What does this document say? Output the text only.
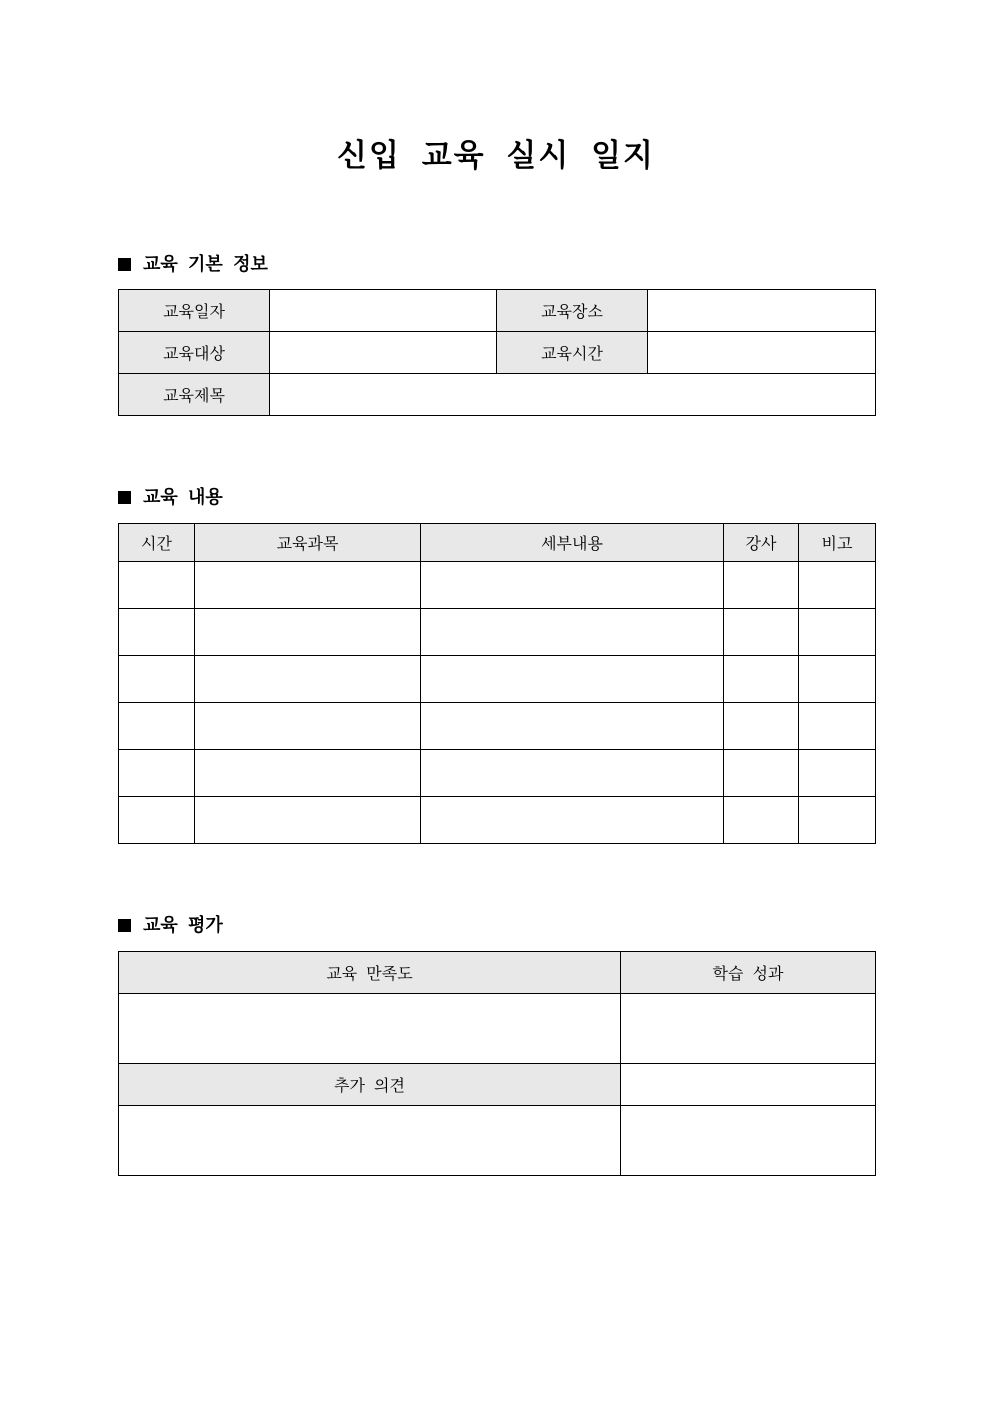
신입 교육 실시 일지
교육 기본 정보
교육일자		교육장소	
교육대상		교육시간	
교육제목			
교육 내용
시간	교육과목	세부내용	강사	비고

교육 평가
교육 만족도	학습 성과

추가 의견	
